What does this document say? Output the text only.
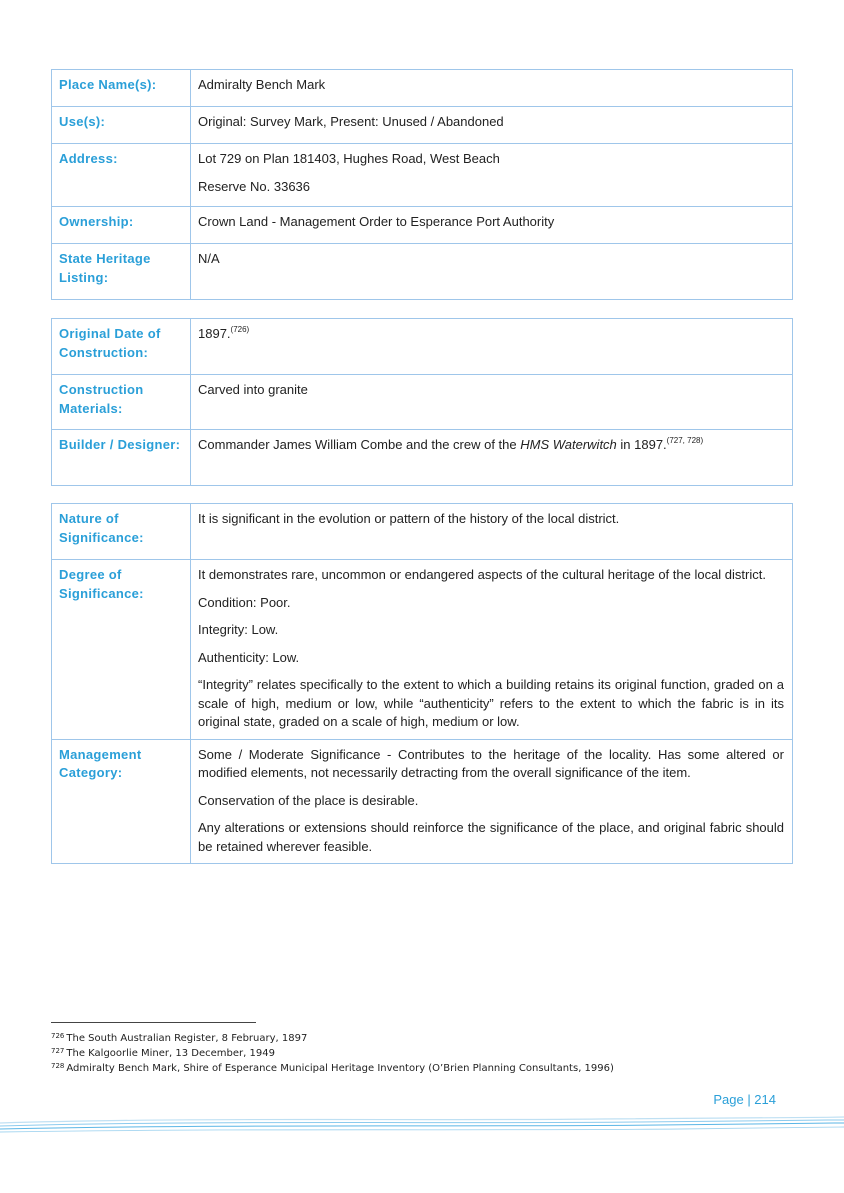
Place Name(s):	Admiralty Bench Mark
Use(s):	Original: Survey Mark, Present: Unused / Abandoned
Address:	Lot 729 on Plan 181403, Hughes Road, West Beach

Reserve No. 33636

Ownership:	Crown Land - Management Order to Esperance Port Authority
State Heritage Listing:	N/A
Original Date of Construction:	1897.$^{(726)}$
Construction Materials:	Carved into granite
Builder / Designer:	Commander James William Combe and the crew of the HMS Waterwitch in 1897.$^{(727, 728)}$
Nature of Significance:	It is significant in the evolution or pattern of the history of the local district.
Degree of Significance:	It demonstrates rare, uncommon or endangered aspects of the cultural heritage of the local district.

Condition: Poor.

Integrity: Low.

Authenticity: Low.

“Integrity” relates specifically to the extent to which a building retains its original function, graded on a scale of high, medium or low, while “authenticity” refers to the extent to which the fabric is in its original state, graded on a scale of high, medium or low.

Management Category:	Some / Moderate Significance - Contributes to the heritage of the locality. Has some altered or modified elements, not necessarily detracting from the overall significance of the item.

Conservation of the place is desirable.

Any alterations or extensions should reinforce the significance of the place, and original fabric should be retained wherever feasible.

$^{726}$ The South Australian Register, 8 February, 1897
$^{727}$ The Kalgoorlie Miner, 13 December, 1949
$^{728}$ Admiralty Bench Mark, Shire of Esperance Municipal Heritage Inventory (O’Brien Planning Consultants, 1996)
Page | 214
